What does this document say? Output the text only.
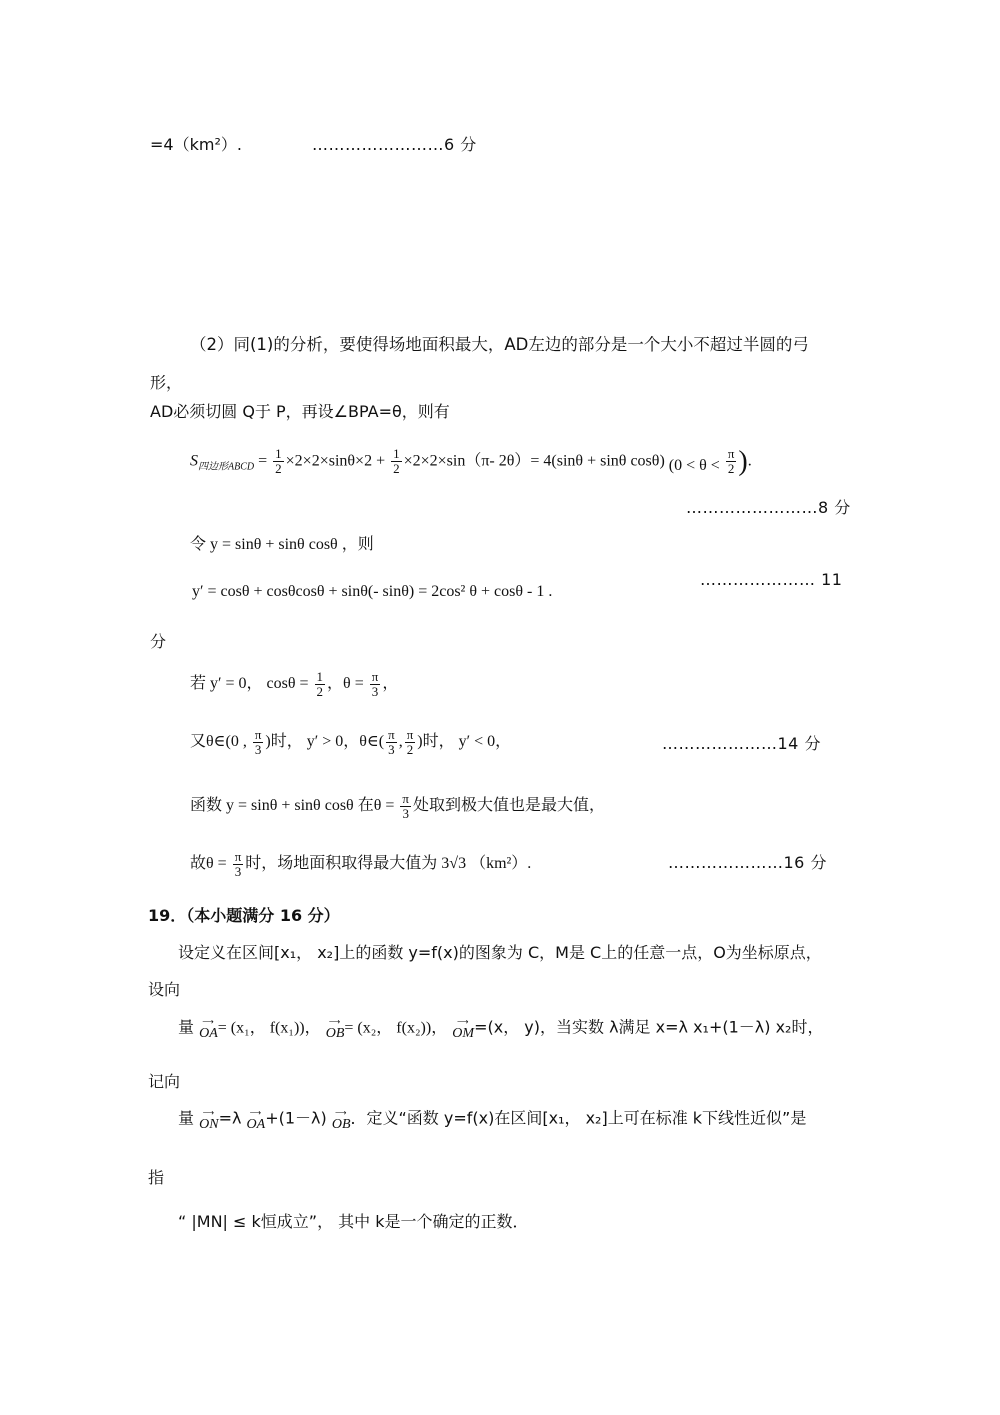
=4（km²）.	……………………6 分
（2）同(1)的分析，要使得场地面积最大，AD左边的部分是一个大小不超过半圆的弓
形，
AD必须切圆 Q于 P，再设∠BPA=θ，则有
$S_{四边形ABCD} = \frac{1}{2} \times 2\times 2\times\sin\theta\times 2 + \frac{1}{2} \times 2\times 2\times\sin(\pi-$ 2θ）= 4(sinθ + sinθ cosθ) ($0 < \theta < \frac{\pi}{2}$ ).
……………………8 分
令 y = sinθ + sinθ cosθ ，则
y′ = cosθ + cosθcosθ + sinθ(- sinθ) = 2cos² θ + cosθ - 1 .
………………… 11
分
若 y′ = 0， $\cos\theta = \frac{1}{2}$ ，$\theta = \frac{\pi}{3}$ ，
又θ∈(0 , $\frac{\pi}{3}$ )时， y′ > 0，θ∈( $\frac{\pi}{3}$ , $\frac{\pi}{2}$ )时， y′ < 0，	…………………14 分
函数 y = sinθ + sinθ cosθ 在$\theta = \frac{\pi}{3}$ 处取到极大值也是最大值，
故$\theta = \frac{\pi}{3}$ 时，场地面积取得最大值为 3√3 （km²）.	…………………16 分
19．（本小题满分 16 分）
设定义在区间[x₁， x₂]上的函数 y=f(x)的图象为 C，M是 C上的任意一点，O为坐标原点，
设向
量	⟶
OA= (x₁， f(x₁))，	⟶
OB= (x₂， f(x₂))，	⟶
OM=(x， y)，当实数 λ满足 x=λ x₁+(1－λ) x₂时，
记向
量	⟶
ON=λ	⟶
OA+(1－λ)	⟶
OB．定义“函数 y=f(x)在区间[x₁， x₂]上可在标准 k下线性近似”是
指
“ |MN| ≤ k恒成立”， 其中 k是一个确定的正数．
